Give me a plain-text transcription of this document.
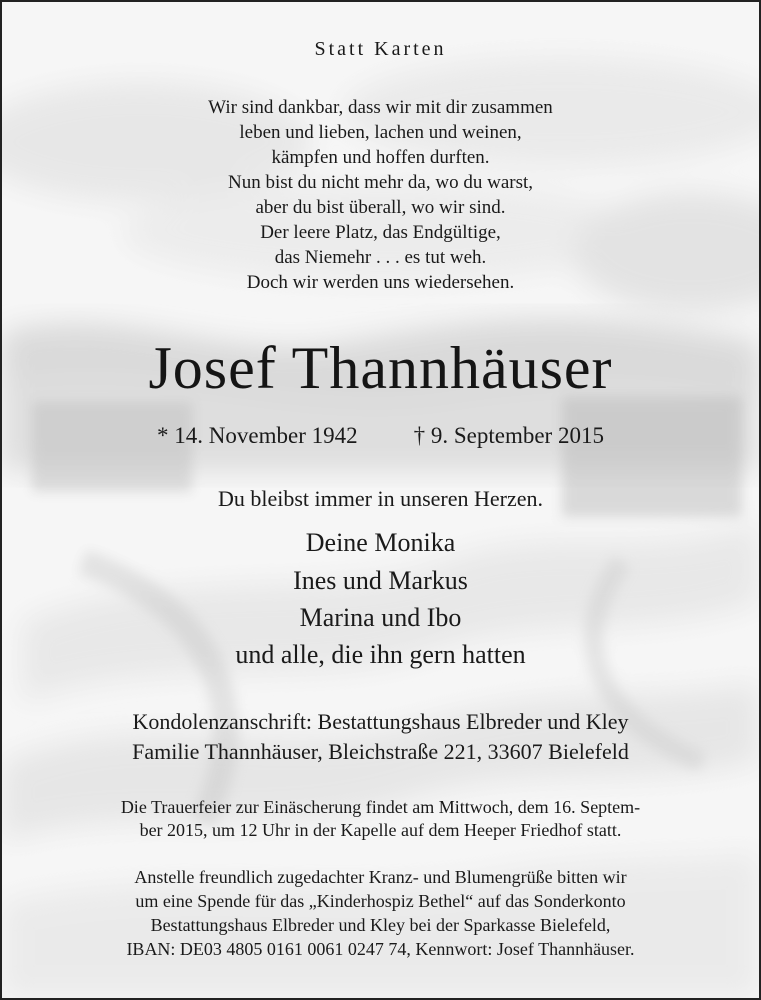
Statt Karten
Wir sind dankbar, dass wir mit dir zusammen
leben und lieben, lachen und weinen,
kämpfen und hoffen durften.
Nun bist du nicht mehr da, wo du warst,
aber du bist überall, wo wir sind.
Der leere Platz, das Endgültige,
das Niemehr . . . es tut weh.
Doch wir werden uns wiedersehen.
Josef Thannhäuser
* 14. November 1942 † 9. September 2015
Du bleibst immer in unseren Herzen.
Deine Monika
Ines und Markus
Marina und Ibo
und alle, die ihn gern hatten
Kondolenzanschrift: Bestattungshaus Elbreder und Kley
Familie Thannhäuser, Bleichstraße 221, 33607 Bielefeld
Die Trauerfeier zur Einäscherung findet am Mittwoch, dem 16. Septem-
ber 2015, um 12 Uhr in der Kapelle auf dem Heeper Friedhof statt.
Anstelle freundlich zugedachter Kranz- und Blumengrüße bitten wir
um eine Spende für das „Kinderhospiz Bethel“ auf das Sonderkonto
Bestattungshaus Elbreder und Kley bei der Sparkasse Bielefeld,
IBAN: DE03 4805 0161 0061 0247 74, Kennwort: Josef Thannhäuser.
